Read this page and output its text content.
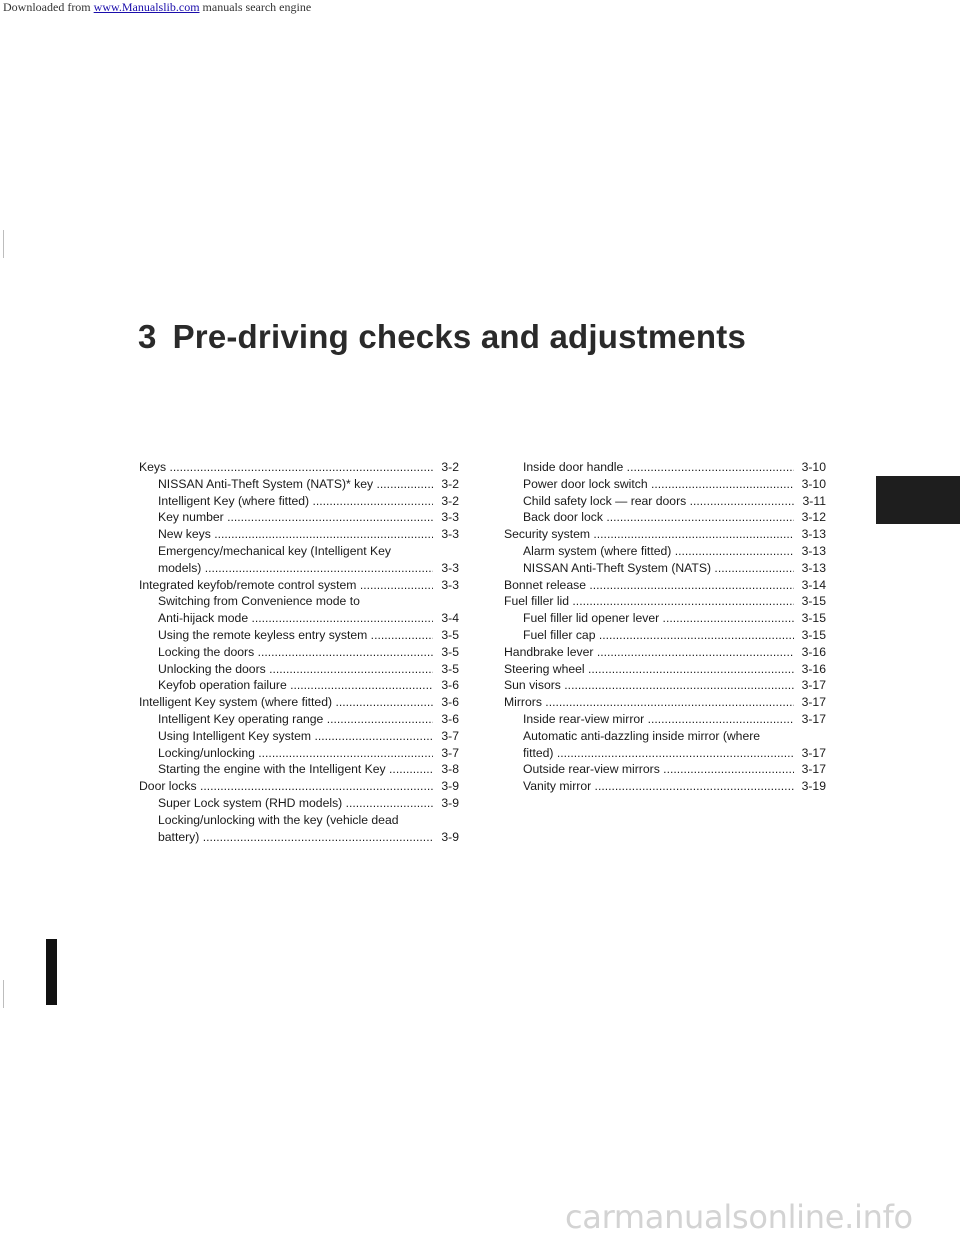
Downloaded from www.Manualslib.com manuals search engine
3 Pre-driving checks and adjustments
Keys .....	3-2
NISSAN Anti-Theft System (NATS)* key .....	3-2
Intelligent Key (where fitted) .....	3-2
Key number .....	3-3
New keys .....	3-3
Emergency/mechanical key (Intelligent Key
models) .....	3-3
Integrated keyfob/remote control system .....	3-3
Switching from Convenience mode to
Anti-hijack mode .....	3-4
Using the remote keyless entry system .....	3-5
Locking the doors .....	3-5
Unlocking the doors .....	3-5
Keyfob operation failure .....	3-6
Intelligent Key system (where fitted) .....	3-6
Intelligent Key operating range .....	3-6
Using Intelligent Key system .....	3-7
Locking/unlocking .....	3-7
Starting the engine with the Intelligent Key .....	3-8
Door locks .....	3-9
Super Lock system (RHD models) .....	3-9
Locking/unlocking with the key (vehicle dead
battery) .....	3-9
Inside door handle .....	3-10
Power door lock switch .....	3-10
Child safety lock — rear doors .....	3-11
Back door lock .....	3-12
Security system .....	3-13
Alarm system (where fitted) .....	3-13
NISSAN Anti-Theft System (NATS) .....	3-13
Bonnet release .....	3-14
Fuel filler lid .....	3-15
Fuel filler lid opener lever .....	3-15
Fuel filler cap .....	3-15
Handbrake lever .....	3-16
Steering wheel .....	3-16
Sun visors .....	3-17
Mirrors .....	3-17
Inside rear-view mirror .....	3-17
Automatic anti-dazzling inside mirror (where
fitted) .....	3-17
Outside rear-view mirrors .....	3-17
Vanity mirror .....	3-19
carmanualsonline.info
